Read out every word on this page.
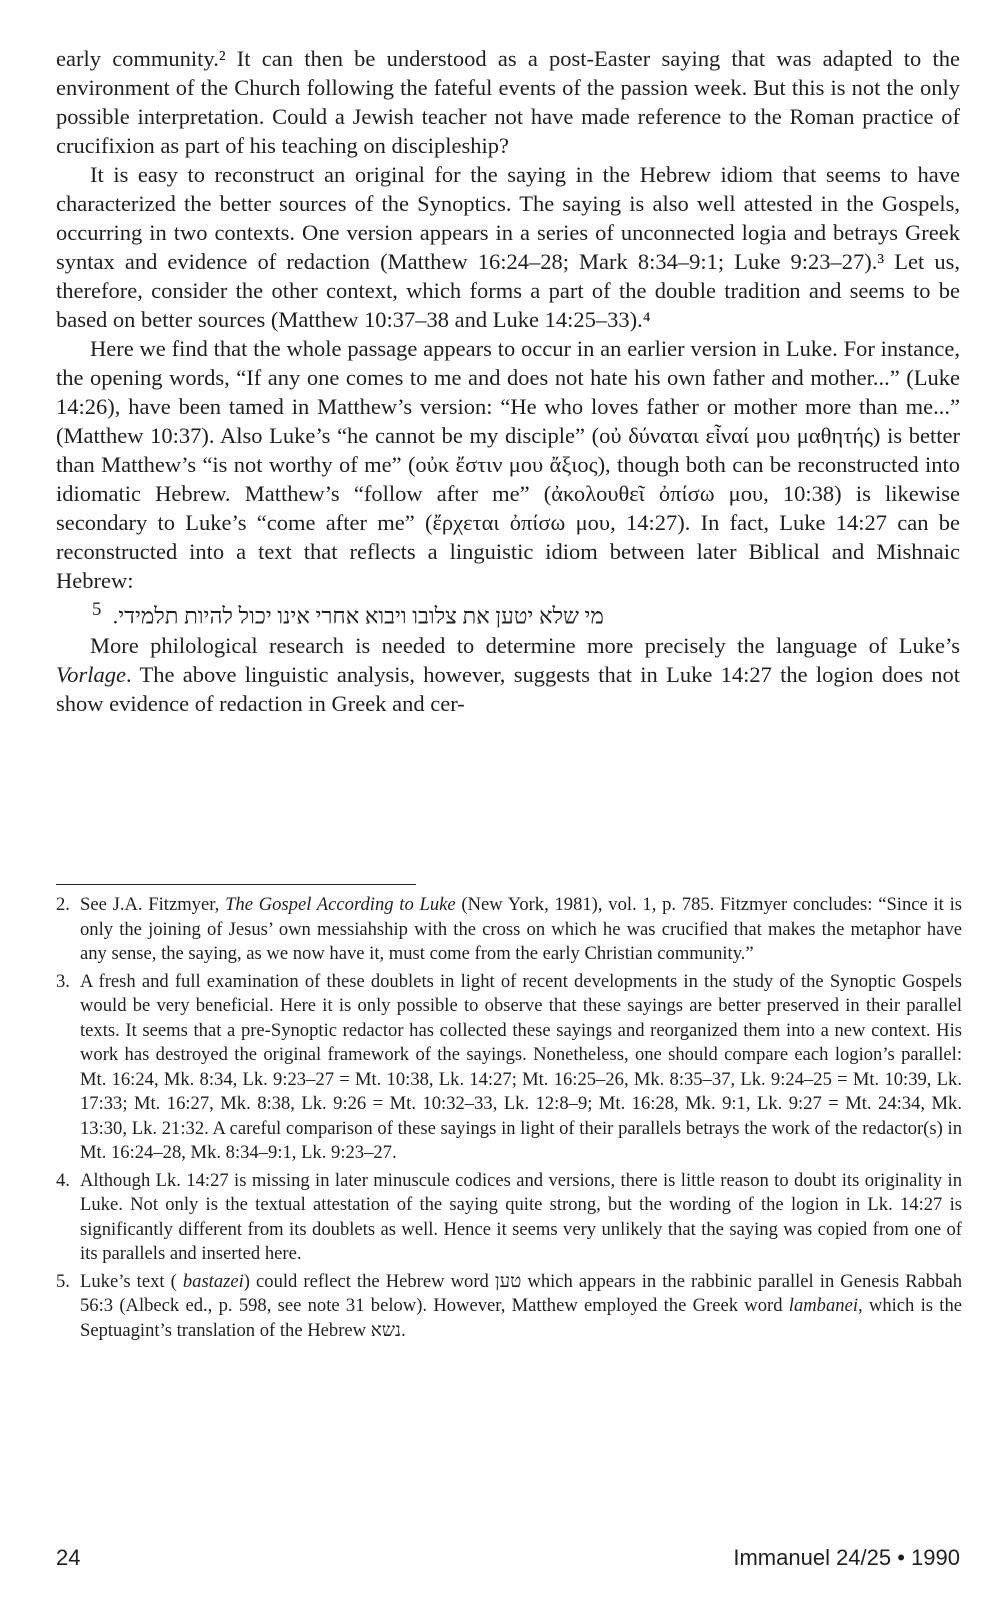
early community.² It can then be understood as a post-Easter saying that was adapted to the environment of the Church following the fateful events of the passion week. But this is not the only possible interpretation. Could a Jewish teacher not have made reference to the Roman practice of crucifixion as part of his teaching on discipleship?

It is easy to reconstruct an original for the saying in the Hebrew idiom that seems to have characterized the better sources of the Synoptics. The saying is also well attested in the Gospels, occurring in two contexts. One version appears in a series of unconnected logia and betrays Greek syntax and evidence of redaction (Matthew 16:24–28; Mark 8:34–9:1; Luke 9:23–27).³ Let us, therefore, consider the other context, which forms a part of the double tradition and seems to be based on better sources (Matthew 10:37–38 and Luke 14:25–33).⁴

Here we find that the whole passage appears to occur in an earlier version in Luke. For instance, the opening words, “If any one comes to me and does not hate his own father and mother...” (Luke 14:26), have been tamed in Matthew’s version: “He who loves father or mother more than me...” (Matthew 10:37). Also Luke’s “he cannot be my disciple” (οὐ δύναται εἶναί μου μαθητής) is better than Matthew’s “is not worthy of me” (οὐκ ἔστιν μου ἄξιος), though both can be reconstructed into idiomatic Hebrew. Matthew’s “follow after me” (ἀκολουθεῖ ὀπίσω μου, 10:38) is likewise secondary to Luke’s “come after me” (ἔρχεται ὀπίσω μου, 14:27). In fact, Luke 14:27 can be reconstructed into a text that reflects a linguistic idiom between later Biblical and Mishnaic Hebrew:

מי שלא יטען את צלובו ויבוא אחרי אינו יכול להיות תלמידי.  $^5$

More philological research is needed to determine more precisely the language of Luke’s Vorlage. The above linguistic analysis, however, suggests that in Luke 14:27 the logion does not show evidence of redaction in Greek and cer-

2. See J.A. Fitzmyer, The Gospel According to Luke (New York, 1981), vol. 1, p. 785. Fitzmyer concludes: “Since it is only the joining of Jesus’ own messiahship with the cross on which he was crucified that makes the metaphor have any sense, the saying, as we now have it, must come from the early Christian community.”
3. A fresh and full examination of these doublets in light of recent developments in the study of the Synoptic Gospels would be very beneficial. Here it is only possible to observe that these sayings are better preserved in their parallel texts. It seems that a pre-Synoptic redactor has collected these sayings and reorganized them into a new context. His work has destroyed the original framework of the sayings. Nonetheless, one should compare each logion’s parallel: Mt. 16:24, Mk. 8:34, Lk. 9:23–27 = Mt. 10:38, Lk. 14:27; Mt. 16:25–26, Mk. 8:35–37, Lk. 9:24–25 = Mt. 10:39, Lk. 17:33; Mt. 16:27, Mk. 8:38, Lk. 9:26 = Mt. 10:32–33, Lk. 12:8–9; Mt. 16:28, Mk. 9:1, Lk. 9:27 = Mt. 24:34, Mk. 13:30, Lk. 21:32. A careful comparison of these sayings in light of their parallels betrays the work of the redactor(s) in Mt. 16:24–28, Mk. 8:34–9:1, Lk. 9:23–27.
4. Although Lk. 14:27 is missing in later minuscule codices and versions, there is little reason to doubt its originality in Luke. Not only is the textual attestation of the saying quite strong, but the wording of the logion in Lk. 14:27 is significantly different from its doublets as well. Hence it seems very unlikely that the saying was copied from one of its parallels and inserted here.
5. Luke’s text ( bastazei) could reflect the Hebrew word טען which appears in the rabbinic parallel in Genesis Rabbah 56:3 (Albeck ed., p. 598, see note 31 below). However, Matthew employed the Greek word lambanei, which is the Septuagint’s translation of the Hebrew נשא.
24	Immanuel 24/25 • 1990
